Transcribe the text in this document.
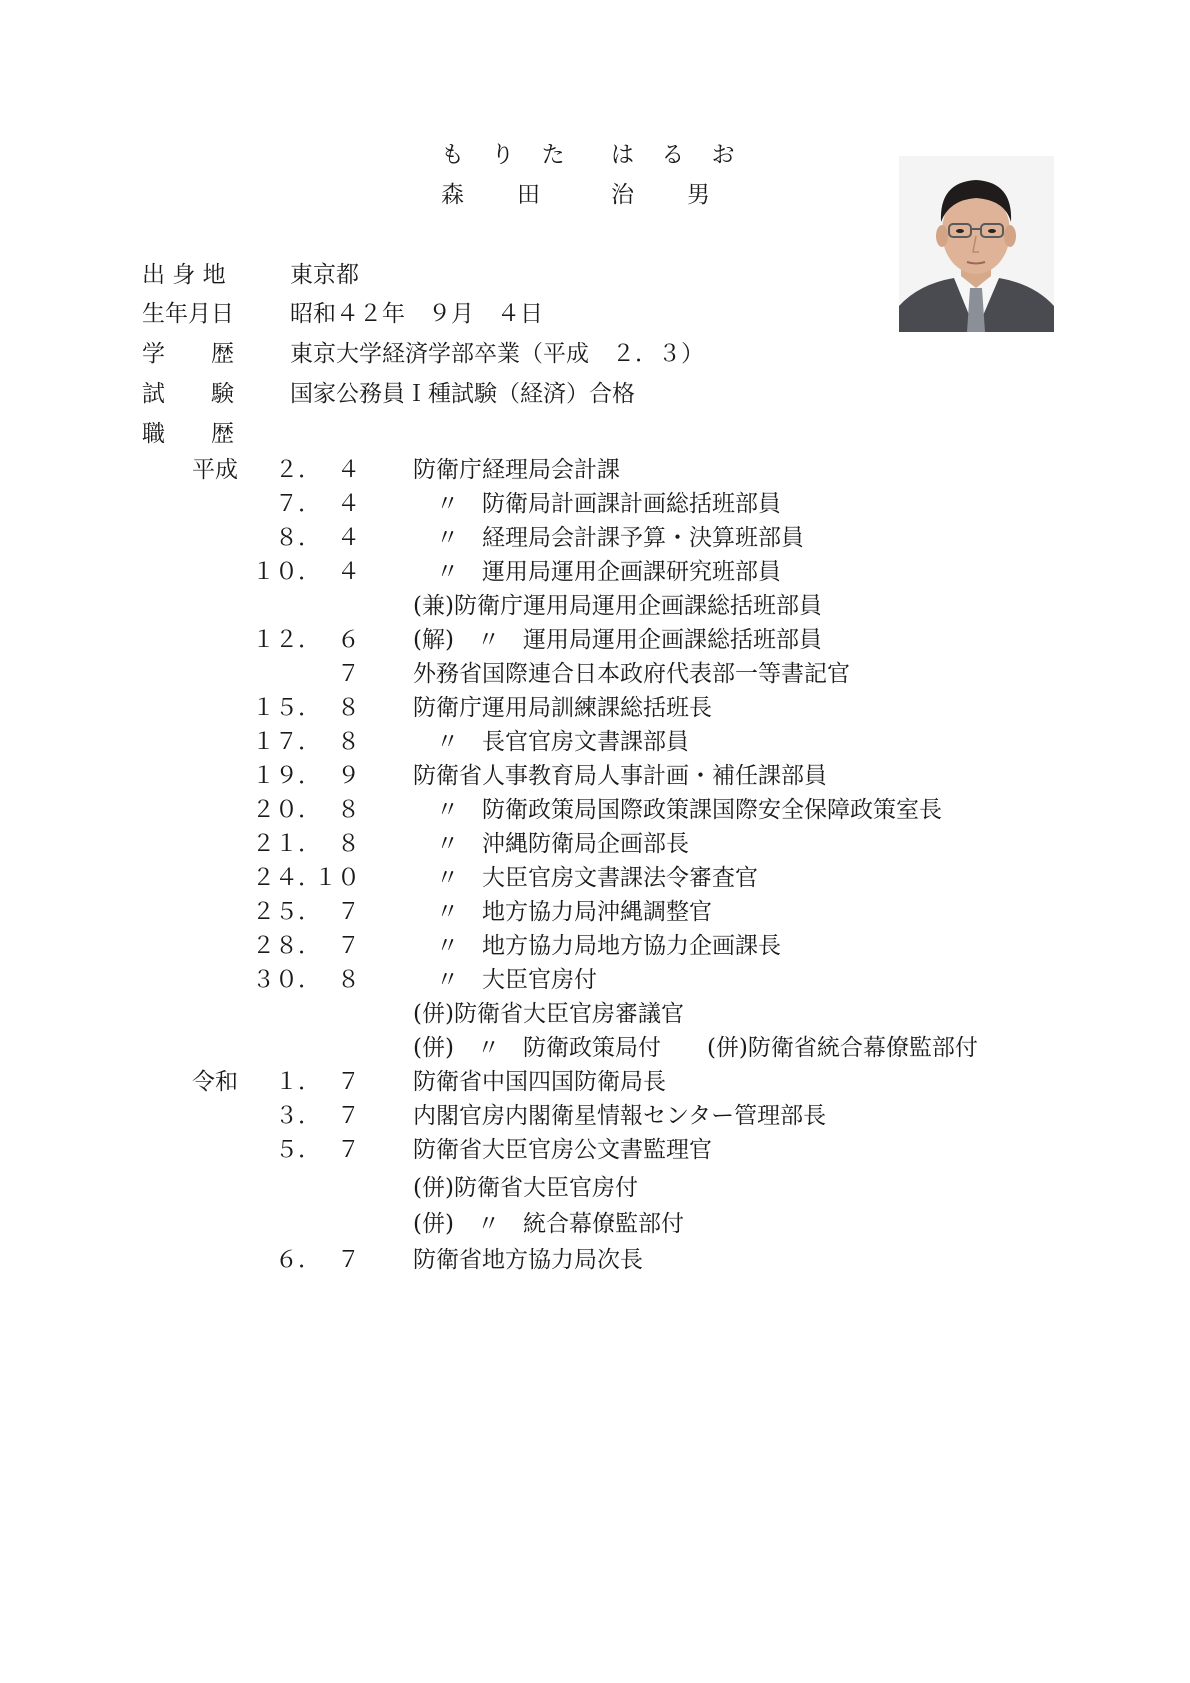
も り た は る お
森 田	治 男
出 身 地	東京都
生年月日 昭和４２年　９月　４日
学　　歴 東京大学経済学部卒業（平成　２．３）
試　　験 国家公務員Ｉ種試験（経済）合格
職　　歴
平成 ２． ４ 防衛庁経理局会計課
７． ４ 　〃　防衛局計画課計画総括班部員
８． ４ 　〃　経理局会計課予算・決算班部員
１０． ４ 　〃　運用局運用企画課研究班部員
(兼)防衛庁運用局運用企画課総括班部員
１２． ６ (解)　〃　運用局運用企画課総括班部員
７ 外務省国際連合日本政府代表部一等書記官
１５． ８ 防衛庁運用局訓練課総括班長
１７． ８ 　〃　長官官房文書課部員
１９． ９ 防衛省人事教育局人事計画・補任課部員
２０． ８ 　〃　防衛政策局国際政策課国際安全保障政策室長
２１． ８ 　〃　沖縄防衛局企画部長
２４．
１０ 　〃　大臣官房文書課法令審査官
２５． ７ 　〃　地方協力局沖縄調整官
２８． ７ 　〃　地方協力局地方協力企画課長
３０． ８ 　〃　大臣官房付
(併)防衛省大臣官房審議官
(併)　〃　防衛政策局付　　(併)防衛省統合幕僚監部付
令和 １． ７ 防衛省中国四国防衛局長
３． ７ 内閣官房内閣衛星情報センター管理部長
５． ７ 防衛省大臣官房公文書監理官
(併)防衛省大臣官房付
(併)　〃　統合幕僚監部付
６． ７ 防衛省地方協力局次長
